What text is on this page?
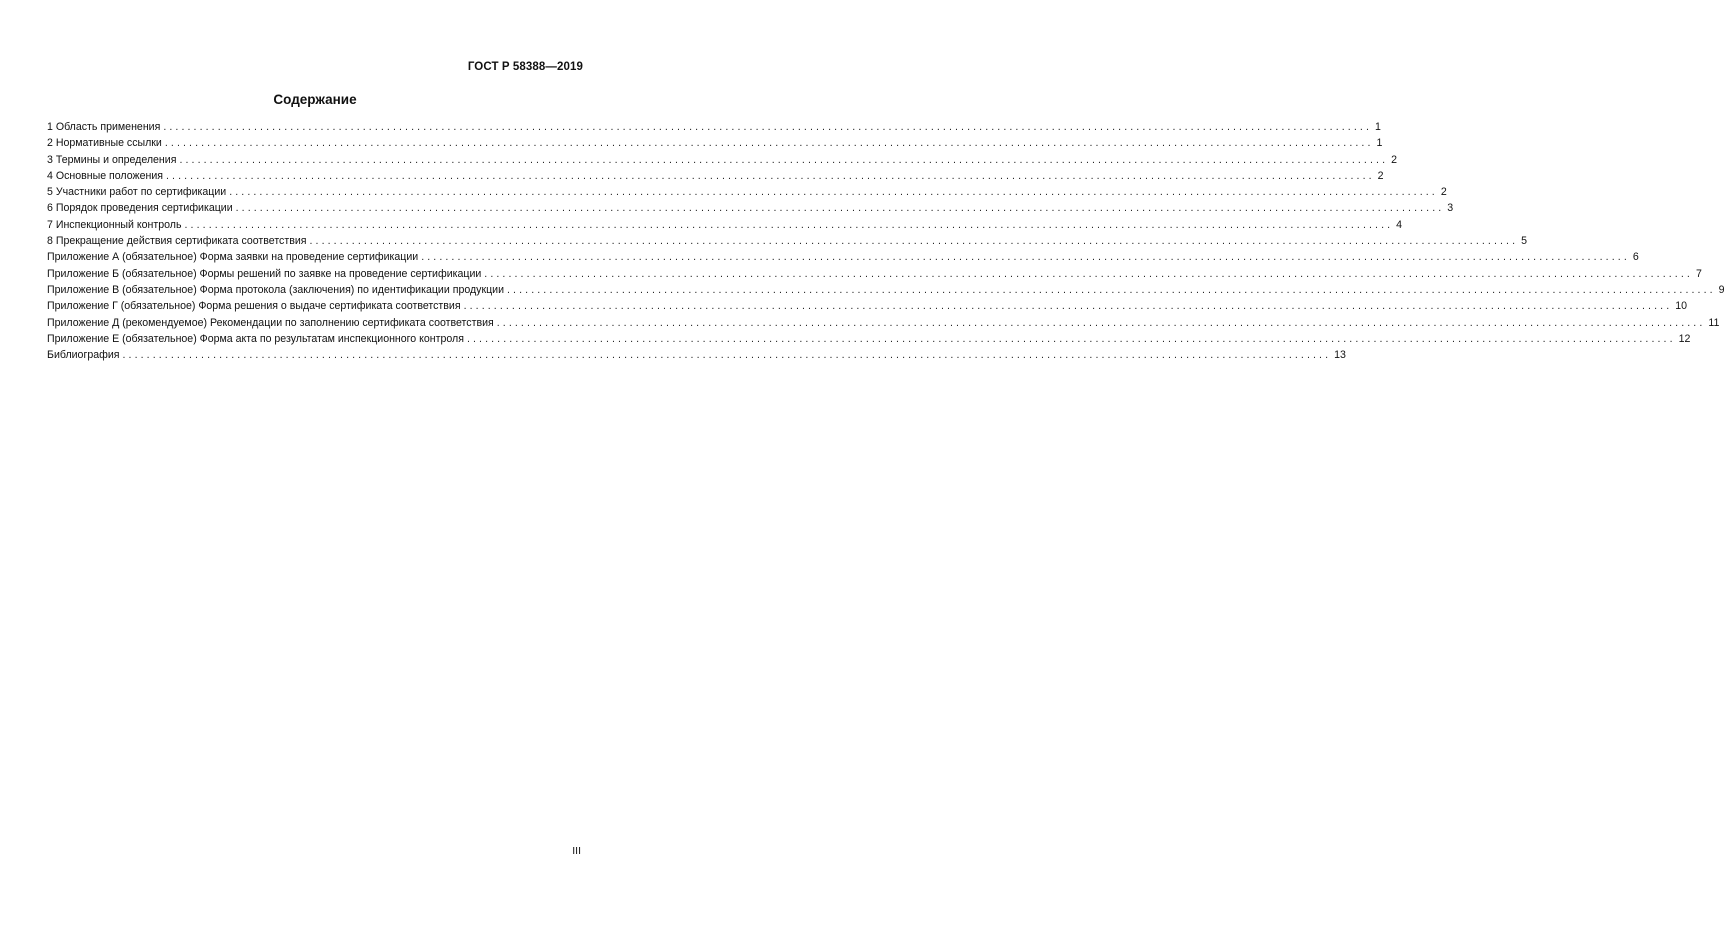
ГОСТ Р 58388—2019
Содержание
1 Область применения ........................................................................................................................................................................................................ 1
2 Нормативные ссылки ........................................................................................................................................................................................................ 1
3 Термины и определения ........................................................................................................................................................................................................ 2
4 Основные положения ........................................................................................................................................................................................................ 2
5 Участники работ по сертификации ........................................................................................................................................................................................................ 2
6 Порядок проведения сертификации ........................................................................................................................................................................................................ 3
7 Инспекционный контроль ........................................................................................................................................................................................................ 4
8 Прекращение действия сертификата соответствия ........................................................................................................................................................................................................ 5
Приложение А (обязательное) Форма заявки на проведение сертификации ........................................................................................................................................................................................................ 6
Приложение Б (обязательное) Формы решений по заявке на проведение сертификации ........................................................................................................................................................................................................ 7
Приложение В (обязательное) Форма протокола (заключения) по идентификации продукции ........................................................................................................................................................................................................ 9
Приложение Г (обязательное) Форма решения о выдаче сертификата соответствия ........................................................................................................................................................................................................ 10
Приложение Д (рекомендуемое) Рекомендации по заполнению сертификата соответствия ........................................................................................................................................................................................................ 11
Приложение Е (обязательное) Форма акта по результатам инспекционного контроля ........................................................................................................................................................................................................ 12
Библиография ........................................................................................................................................................................................................ 13
III
